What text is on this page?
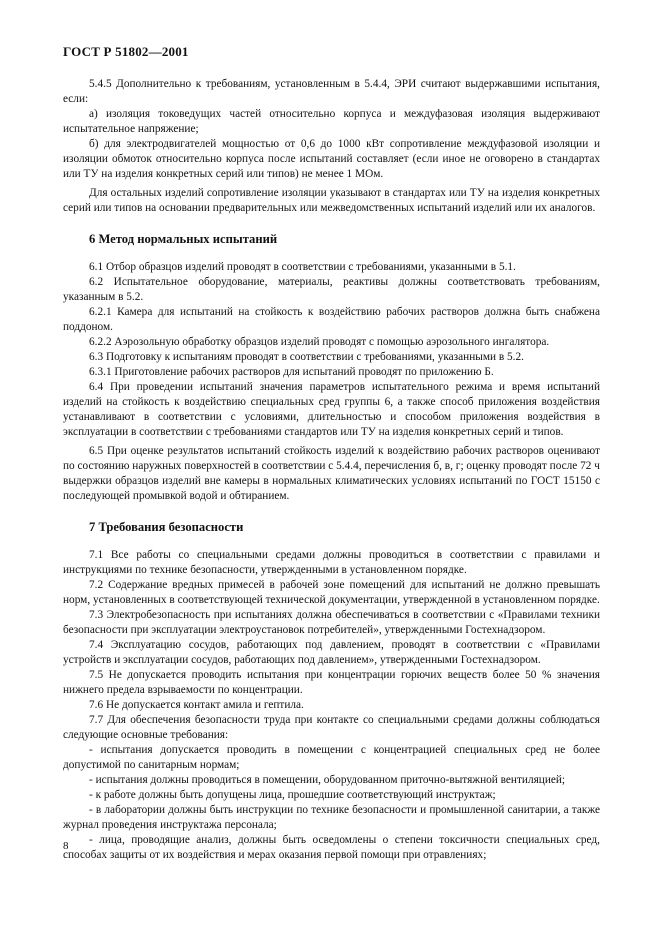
ГОСТ Р 51802—2001

5.4.5 Дополнительно к требованиям, установленным в 5.4.4, ЭРИ считают выдержавшими испытания, если:

а) изоляция токоведущих частей относительно корпуса и междуфазовая изоляция выдерживают испытательное напряжение;

б) для электродвигателей мощностью от 0,6 до 1000 кВт сопротивление междуфазовой изоляции и изоляции обмоток относительно корпуса после испытаний составляет (если иное не оговорено в стандартах или ТУ на изделия конкретных серий или типов) не менее 1 МОм.

Для остальных изделий сопротивление изоляции указывают в стандартах или ТУ на изделия конкретных серий или типов на основании предварительных или межведомственных испытаний изделий или их аналогов.

6 Метод нормальных испытаний

6.1 Отбор образцов изделий проводят в соответствии с требованиями, указанными в 5.1.

6.2 Испытательное оборудование, материалы, реактивы должны соответствовать требованиям, указанным в 5.2.

6.2.1 Камера для испытаний на стойкость к воздействию рабочих растворов должна быть снабжена поддоном.

6.2.2 Аэрозольную обработку образцов изделий проводят с помощью аэрозольного ингалятора.

6.3 Подготовку к испытаниям проводят в соответствии с требованиями, указанными в 5.2.

6.3.1 Приготовление рабочих растворов для испытаний проводят по приложению Б.

6.4 При проведении испытаний значения параметров испытательного режима и время испытаний изделий на стойкость к воздействию специальных сред группы 6, а также способ приложения воздействия устанавливают в соответствии с условиями, длительностью и способом приложения воздействия в эксплуатации в соответствии с требованиями стандартов или ТУ на изделия конкретных серий и типов.

6.5 При оценке результатов испытаний стойкость изделий к воздействию рабочих растворов оценивают по состоянию наружных поверхностей в соответствии с 5.4.4, перечисления б, в, г; оценку проводят после 72 ч выдержки образцов изделий вне камеры в нормальных климатических условиях испытаний по ГОСТ 15150 с последующей промывкой водой и обтиранием.

7 Требования безопасности

7.1 Все работы со специальными средами должны проводиться в соответствии с правилами и инструкциями по технике безопасности, утвержденными в установленном порядке.

7.2 Содержание вредных примесей в рабочей зоне помещений для испытаний не должно превышать норм, установленных в соответствующей технической документации, утвержденной в установленном порядке.

7.3 Электробезопасность при испытаниях должна обеспечиваться в соответствии с «Правилами техники безопасности при эксплуатации электроустановок потребителей», утвержденными Гостехнадзором.

7.4 Эксплуатацию сосудов, работающих под давлением, проводят в соответствии с «Правилами устройств и эксплуатации сосудов, работающих под давлением», утвержденными Гостехнадзором.

7.5 Не допускается проводить испытания при концентрации горючих веществ более 50 % значения нижнего предела взрываемости по концентрации.

7.6 Не допускается контакт амила и гептила.

7.7 Для обеспечения безопасности труда при контакте со специальными средами должны соблюдаться следующие основные требования:

- испытания допускается проводить в помещении с концентрацией специальных сред не более допустимой по санитарным нормам;

- испытания должны проводиться в помещении, оборудованном приточно-вытяжной вентиляцией;

- к работе должны быть допущены лица, прошедшие соответствующий инструктаж;

- в лаборатории должны быть инструкции по технике безопасности и промышленной санитарии, а также журнал проведения инструктажа персонала;

- лица, проводящие анализ, должны быть осведомлены о степени токсичности специальных сред, способах защиты от их воздействия и мерах оказания первой помощи при отравлениях;

8
